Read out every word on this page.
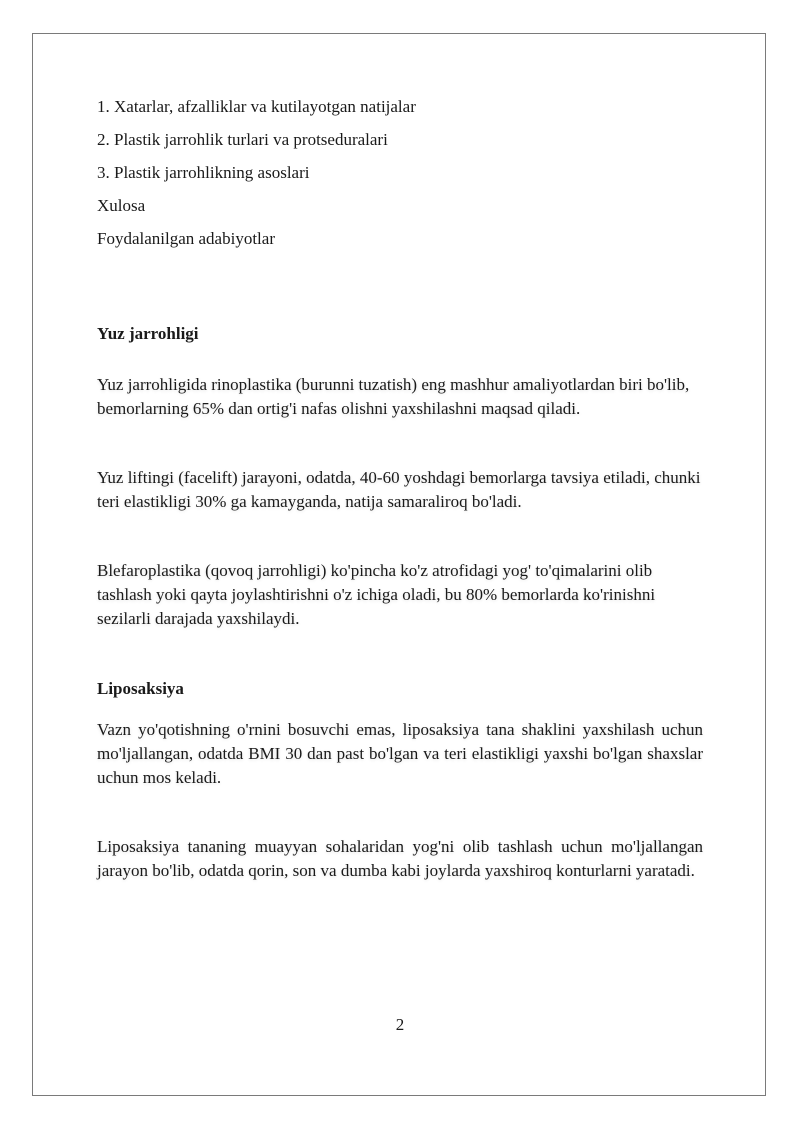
1. Xatarlar, afzalliklar va kutilayotgan natijalar

2. Plastik jarrohlik turlari va protseduralari

3. Plastik jarrohlikning asoslari

Xulosa

Foydalanilgan adabiyotlar

Yuz jarrohligi

Yuz jarrohligida rinoplastika (burunni tuzatish) eng mashhur amaliyotlardan biri bo'lib, bemorlarning 65% dan ortig'i nafas olishni yaxshilashni maqsad qiladi.

Yuz liftingi (facelift) jarayoni, odatda, 40-60 yoshdagi bemorlarga tavsiya etiladi, chunki teri elastikligi 30% ga kamayganda, natija samaraliroq bo'ladi.

Blefaroplastika (qovoq jarrohligi) ko'pincha ko'z atrofidagi yog' to'qimalarini olib tashlash yoki qayta joylashtirishni o'z ichiga oladi, bu 80% bemorlarda ko'rinishni sezilarli darajada yaxshilaydi.

Liposaksiya

Vazn yo'qotishning o'rnini bosuvchi emas, liposaksiya tana shaklini yaxshilash uchun mo'ljallangan, odatda BMI 30 dan past bo'lgan va teri elastikligi yaxshi bo'lgan shaxslar uchun mos keladi.

Liposaksiya tananing muayyan sohalaridan yog'ni olib tashlash uchun mo'ljallangan jarayon bo'lib, odatda qorin, son va dumba kabi joylarda yaxshiroq konturlarni yaratadi.

2
